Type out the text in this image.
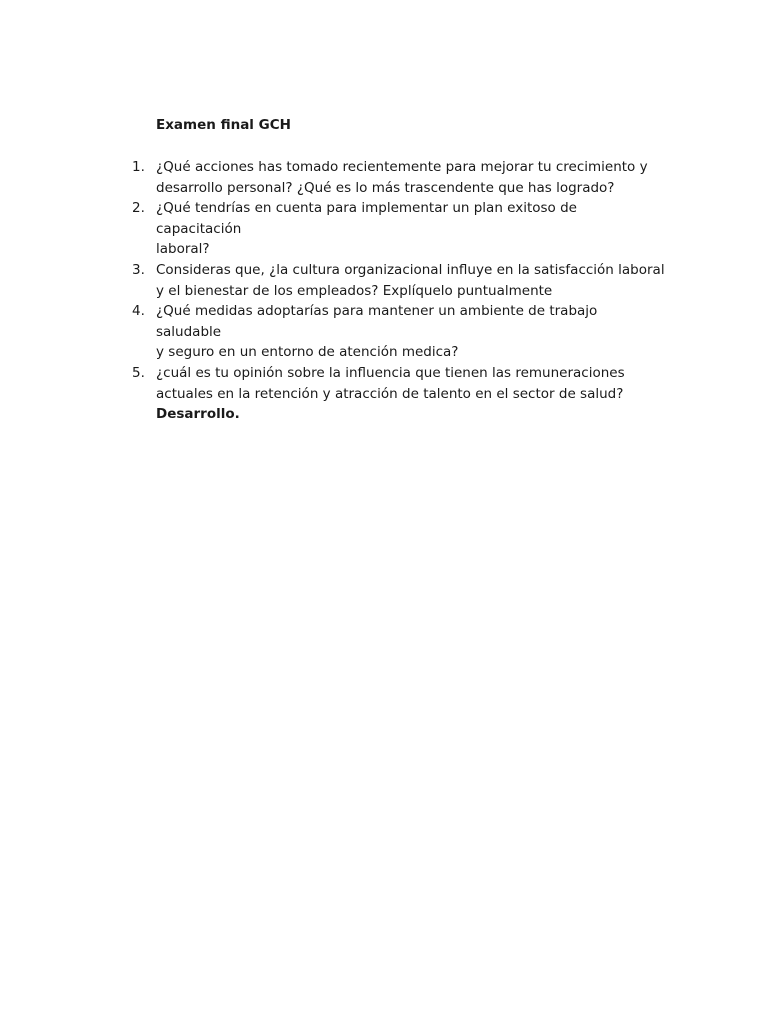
Examen final GCH
1. ¿Qué acciones has tomado recientemente para mejorar tu crecimiento y
desarrollo personal? ¿Qué es lo más trascendente que has logrado?
2. ¿Qué tendrías en cuenta para implementar un plan exitoso de capacitación
laboral?
3. Consideras que, ¿la cultura organizacional influye en la satisfacción laboral
y el bienestar de los empleados? Explíquelo puntualmente
4. ¿Qué medidas adoptarías para mantener un ambiente de trabajo saludable
y seguro en un entorno de atención medica?
5. ¿cuál es tu opinión sobre la influencia que tienen las remuneraciones
actuales en la retención y atracción de talento en el sector de salud?
Desarrollo.
